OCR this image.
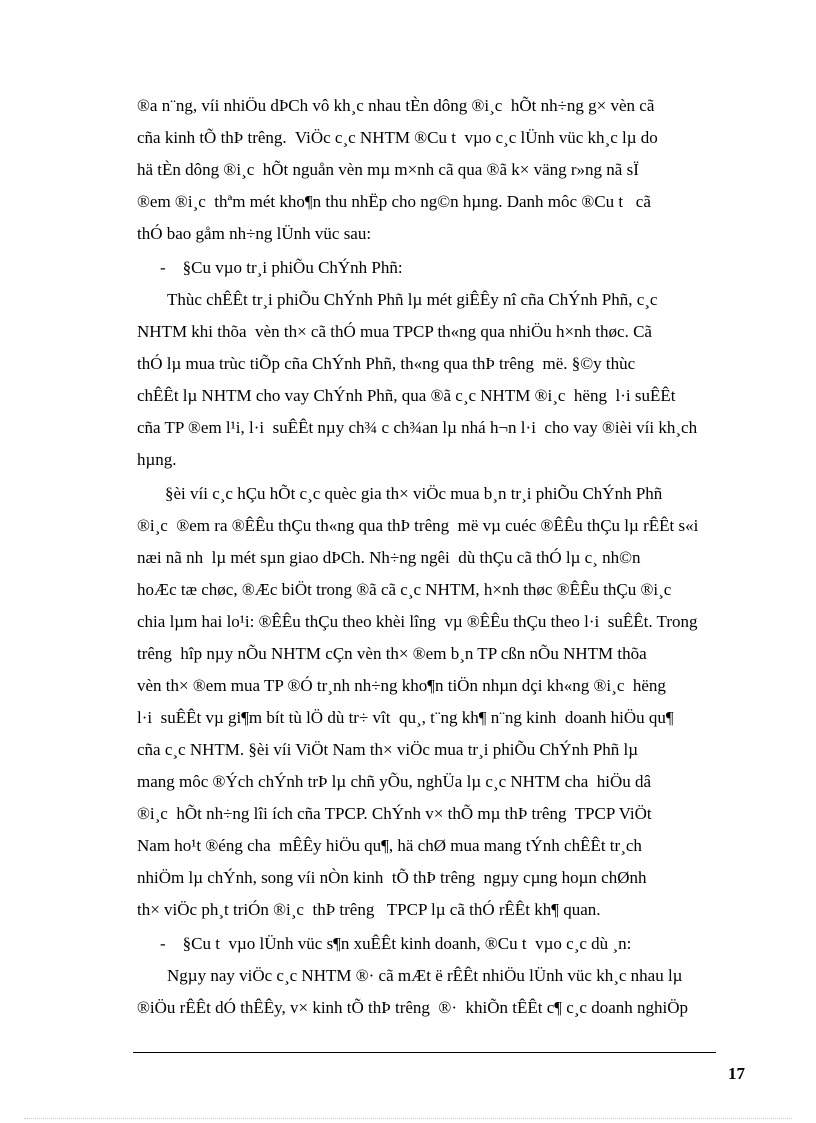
®a n¨ng, víi nhiÖu dÞCh vô kh¸c nhau tÈn dông ®i¸c  hÕt nh÷ng g× vèn cã
cña kinh tÕ thÞ trêng.  ViÖc c¸c NHTM ®Cu t  vµo c¸c lÜnh vüc kh¸c lµ do
hä tÈn dông ®i¸c  hÕt nguån vèn mµ m×nh cã qua ®ã k× väng r»ng nã sÏ
®em ®i¸c  thªm mét kho¶n thu nhËp cho ng©n hµng. Danh môc ®Cu t   cã
thÓ bao gåm nh÷ng lÜnh vüc sau:
-    §Cu vµo tr¸i phiÕu ChÝnh Phñ:
Thùc chÊÊt tr¸i phiÕu ChÝnh Phñ lµ mét giÊÊy nî cña ChÝnh Phñ, c¸c
NHTM khi thõa  vèn th× cã thÓ mua TPCP th«ng qua nhiÖu h×nh thøc. Cã
thÓ lµ mua trùc tiÕp cña ChÝnh Phñ, th«ng qua thÞ trêng  më. §©y thùc
chÊÊt lµ NHTM cho vay ChÝnh Phñ, qua ®ã c¸c NHTM ®i¸c  hëng  l·i suÊÊt
cña TP ®em l¹i, l·i  suÊÊt nµy ch¾ c ch¾an lµ nhá h¬n l·i  cho vay ®ièi víi kh¸ch
hµng.
§èi víi c¸c hÇu hÕt c¸c quèc gia th× viÖc mua b¸n tr¸i phiÕu ChÝnh Phñ
®i¸c  ®em ra ®ÊÊu thÇu th«ng qua thÞ trêng  më vµ cuéc ®ÊÊu thÇu lµ rÊÊt s«i
næi nã nh  lµ mét sµn giao dÞCh. Nh÷ng ngêi  dù thÇu cã thÓ lµ c¸ nh©n
hoÆc tæ chøc, ®Æc biÖt trong ®ã cã c¸c NHTM, h×nh thøc ®ÊÊu thÇu ®i¸c
chia lµm hai lo¹i: ®ÊÊu thÇu theo khèi lîng  vµ ®ÊÊu thÇu theo l·i  suÊÊt. Trong
trêng  hîp nµy nÕu NHTM cÇn vèn th× ®em b¸n TP cßn nÕu NHTM thõa
vèn th× ®em mua TP ®Ó tr¸nh nh÷ng kho¶n tiÖn nhµn dçi kh«ng ®i¸c  hëng
l·i  suÊÊt vµ gi¶m bít tù lÖ dù tr÷ vît  qu¸, t¨ng kh¶ n¨ng kinh  doanh hiÖu qu¶
cña c¸c NHTM. §èi víi ViÖt Nam th× viÖc mua tr¸i phiÕu ChÝnh Phñ lµ
mang môc ®Ých chÝnh trÞ lµ chñ yÕu, nghÜa lµ c¸c NHTM cha  hiÖu dâ
®i¸c  hÕt nh÷ng lîi ích cña TPCP. ChÝnh v× thÕ mµ thÞ trêng  TPCP ViÖt
Nam ho¹t ®éng cha  mÊÊy hiÖu qu¶, hä chØ mua mang tÝnh chÊÊt tr¸ch
nhiÖm lµ chÝnh, song víi nÒn kinh  tÕ thÞ trêng  ngµy cµng hoµn chØnh
th× viÖc ph¸t triÓn ®i¸c  thÞ trêng   TPCP lµ cã thÓ rÊÊt kh¶ quan.
-    §Cu t  vµo lÜnh vüc s¶n xuÊÊt kinh doanh, ®Cu t  vµo c¸c dù ¸n:
Ngµy nay viÖc c¸c NHTM ®· cã mÆt ë rÊÊt nhiÖu lÜnh vüc kh¸c nhau lµ
®iÖu rÊÊt dÓ thÊÊy, v× kinh tÕ thÞ trêng  ®·  khiÕn tÊÊt c¶ c¸c doanh nghiÖp
17
